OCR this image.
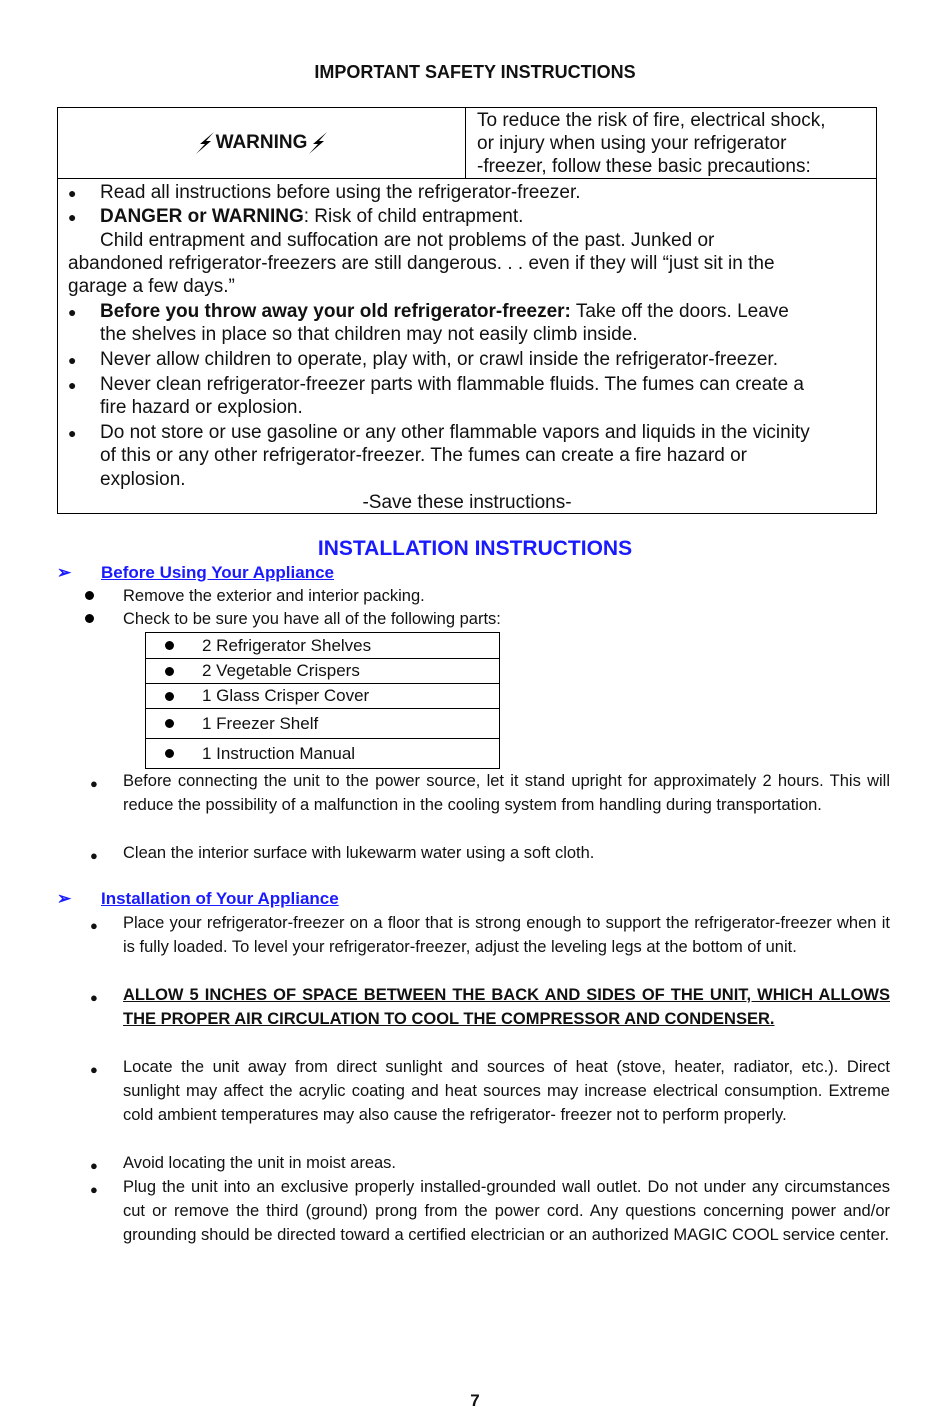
IMPORTANT SAFETY INSTRUCTIONS
WARNING
To reduce the risk of fire, electrical shock,
or injury when using your refrigerator
-freezer, follow these basic precautions:
● Read all instructions before using the refrigerator-freezer.
● DANGER or WARNING: Risk of child entrapment.
Child entrapment and suffocation are not problems of the past. Junked or
abandoned refrigerator-freezers are still dangerous. . . even if they will “just sit in the
garage a few days.”
● Before you throw away your old refrigerator-freezer: Take off the doors. Leave
the shelves in place so that children may not easily climb inside.
● Never allow children to operate, play with, or crawl inside the refrigerator-freezer.
● Never clean refrigerator-freezer parts with flammable fluids. The fumes can create a
fire hazard or explosion.
● Do not store or use gasoline or any other flammable vapors and liquids in the vicinity
of this or any other refrigerator-freezer. The fumes can create a fire hazard or
explosion.
-Save these instructions-
INSTALLATION INSTRUCTIONS
➢ Before Using Your Appliance
Remove the exterior and interior packing.
Check to be sure you have all of the following parts:
2 Refrigerator Shelves
2 Vegetable Crispers
1 Glass Crisper Cover
1 Freezer Shelf
1 Instruction Manual
● Before connecting the unit to the power source, let it stand upright for approximately 2 hours. This will reduce the possibility of a malfunction in the cooling system from handling during transportation.
● Clean the interior surface with lukewarm water using a soft cloth.
➢ Installation of Your Appliance
● Place your refrigerator-freezer on a floor that is strong enough to support the refrigerator-freezer when it is fully loaded. To level your refrigerator-freezer, adjust the leveling legs at the bottom of unit.
● ALLOW 5 INCHES OF SPACE BETWEEN THE BACK AND SIDES OF THE UNIT, WHICH ALLOWS THE PROPER AIR CIRCULATION TO COOL THE COMPRESSOR AND CONDENSER.
● Locate the unit away from direct sunlight and sources of heat (stove, heater, radiator, etc.). Direct sunlight may affect the acrylic coating and heat sources may increase electrical consumption. Extreme cold ambient temperatures may also cause the refrigerator- freezer not to perform properly.
● Avoid locating the unit in moist areas.
● Plug the unit into an exclusive properly installed-grounded wall outlet. Do not under any circumstances cut or remove the third (ground) prong from the power cord. Any questions concerning power and/or grounding should be directed toward a certified electrician or an authorized MAGIC COOL service center.
7
